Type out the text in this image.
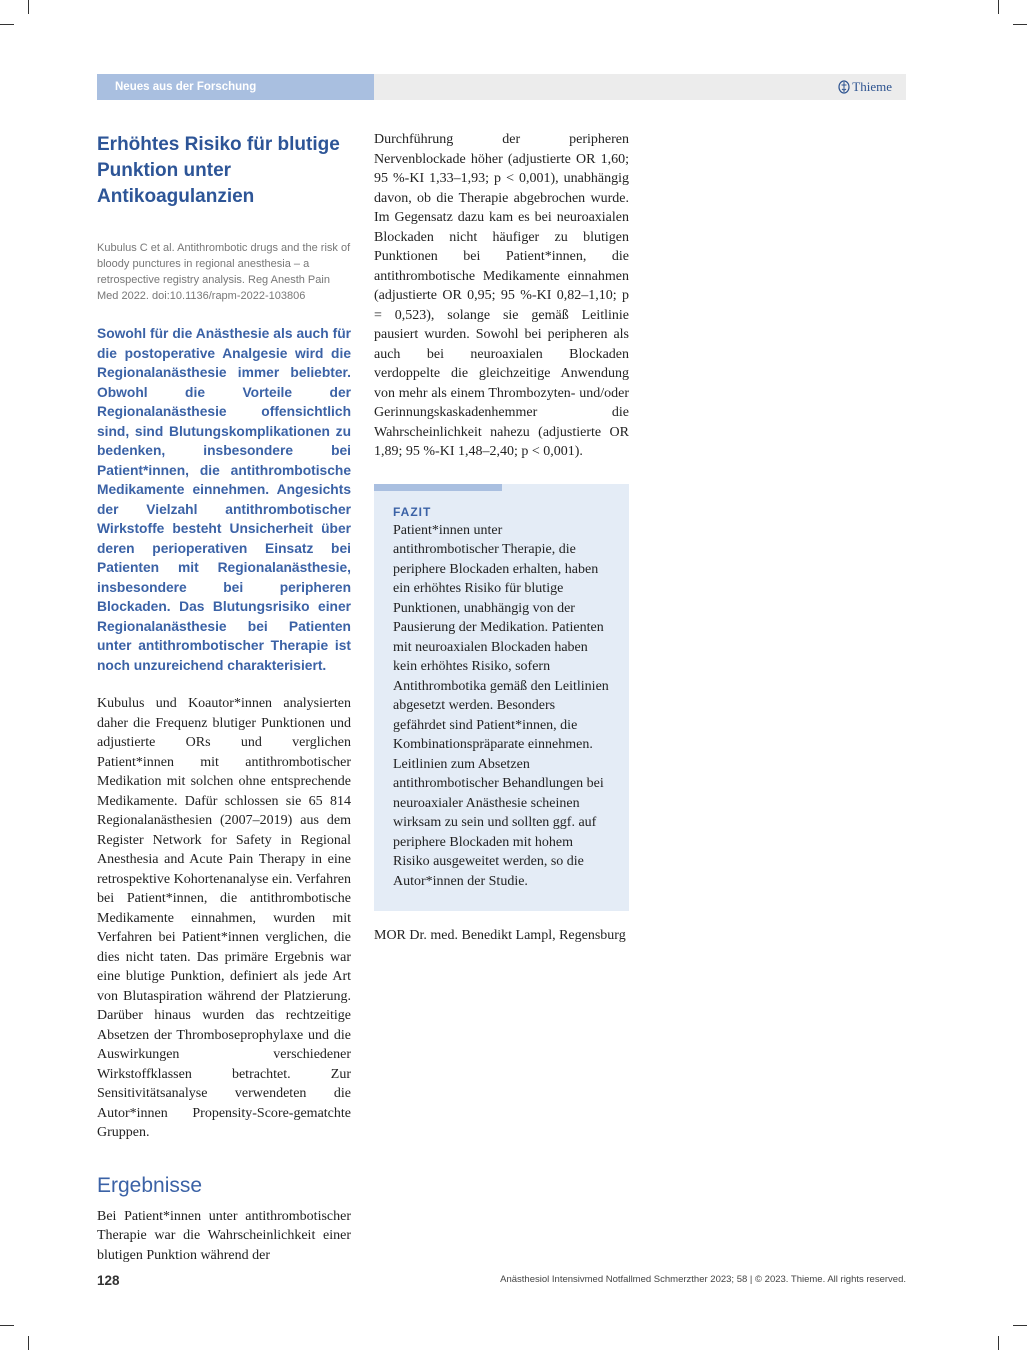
Neues aus der Forschung	Thieme
Erhöhtes Risiko für blutige Punktion unter Antikoagulanzien
Kubulus C et al. Antithrombotic drugs and the risk of bloody punctures in regional anesthesia – a retrospective registry analysis. Reg Anesth Pain Med 2022. doi:10.1136/rapm-2022-103806
Sowohl für die Anästhesie als auch für die postoperative Analgesie wird die Regionalanästhesie immer beliebter. Obwohl die Vorteile der Regionalanästhesie offensichtlich sind, sind Blutungskomplikationen zu bedenken, insbesondere bei Patient*innen, die antithrombotische Medikamente einnehmen. Angesichts der Vielzahl antithrombotischer Wirkstoffe besteht Unsicherheit über deren perioperativen Einsatz bei Patienten mit Regionalanästhesie, insbesondere bei peripheren Blockaden. Das Blutungsrisiko einer Regionalanästhesie bei Patienten unter antithrombotischer Therapie ist noch unzureichend charakterisiert.

Kubulus und Koautor*innen analysierten daher die Frequenz blutiger Punktionen und adjustierte ORs und verglichen Patient*innen mit antithrombotischer Medikation mit solchen ohne entsprechende Medikamente. Dafür schlossen sie 65 814 Regionalanästhesien (2007–2019) aus dem Register Network for Safety in Regional Anesthesia and Acute Pain Therapy in eine retrospektive Kohortenanalyse ein. Verfahren bei Patient*innen, die antithrombotische Medikamente einnahmen, wurden mit Verfahren bei Patient*innen verglichen, die dies nicht taten. Das primäre Ergebnis war eine blutige Punktion, definiert als jede Art von Blutaspiration während der Platzierung. Darüber hinaus wurden das rechtzeitige Absetzen der Thromboseprophylaxe und die Auswirkungen verschiedener Wirkstoffklassen betrachtet. Zur Sensitivitätsanalyse verwendeten die Autor*innen Propensity-Score-gematchte Gruppen.

Ergebnisse

Bei Patient*innen unter antithrombotischer Therapie war die Wahrscheinlichkeit einer blutigen Punktion während der

Durchführung der peripheren Nervenblockade höher (adjustierte OR 1,60; 95 %-KI 1,33–1,93; p < 0,001), unabhängig davon, ob die Therapie abgebrochen wurde. Im Gegensatz dazu kam es bei neuroaxialen Blockaden nicht häufiger zu blutigen Punktionen bei Patient*innen, die antithrombotische Medikamente einnahmen (adjustierte OR 0,95; 95 %-KI 0,82–1,10; p = 0,523), solange sie gemäß Leitlinie pausiert wurden. Sowohl bei peripheren als auch bei neuroaxialen Blockaden verdoppelte die gleichzeitige Anwendung von mehr als einem Thrombozyten- und/oder Gerinnungskaskadenhemmer die Wahrscheinlichkeit nahezu (adjustierte OR 1,89; 95 %-KI 1,48–2,40; p < 0,001).

FAZIT
Patient*innen unter antithrombotischer Therapie, die periphere Blockaden erhalten, haben ein erhöhtes Risiko für blutige Punktionen, unabhängig von der Pausierung der Medikation. Patienten mit neuroaxialen Blockaden haben kein erhöhtes Risiko, sofern Antithrombotika gemäß den Leitlinien abgesetzt werden. Besonders gefährdet sind Patient*innen, die Kombinationspräparate einnehmen. Leitlinien zum Absetzen antithrombotischer Behandlungen bei neuroaxialer Anästhesie scheinen wirksam zu sein und sollten ggf. auf periphere Blockaden mit hohem Risiko ausgeweitet werden, so die Autor*innen der Studie.
MOR Dr. med. Benedikt Lampl, Regensburg
128	Anästhesiol Intensivmed Notfallmed Schmerzther 2023; 58 | © 2023. Thieme. All rights reserved.
